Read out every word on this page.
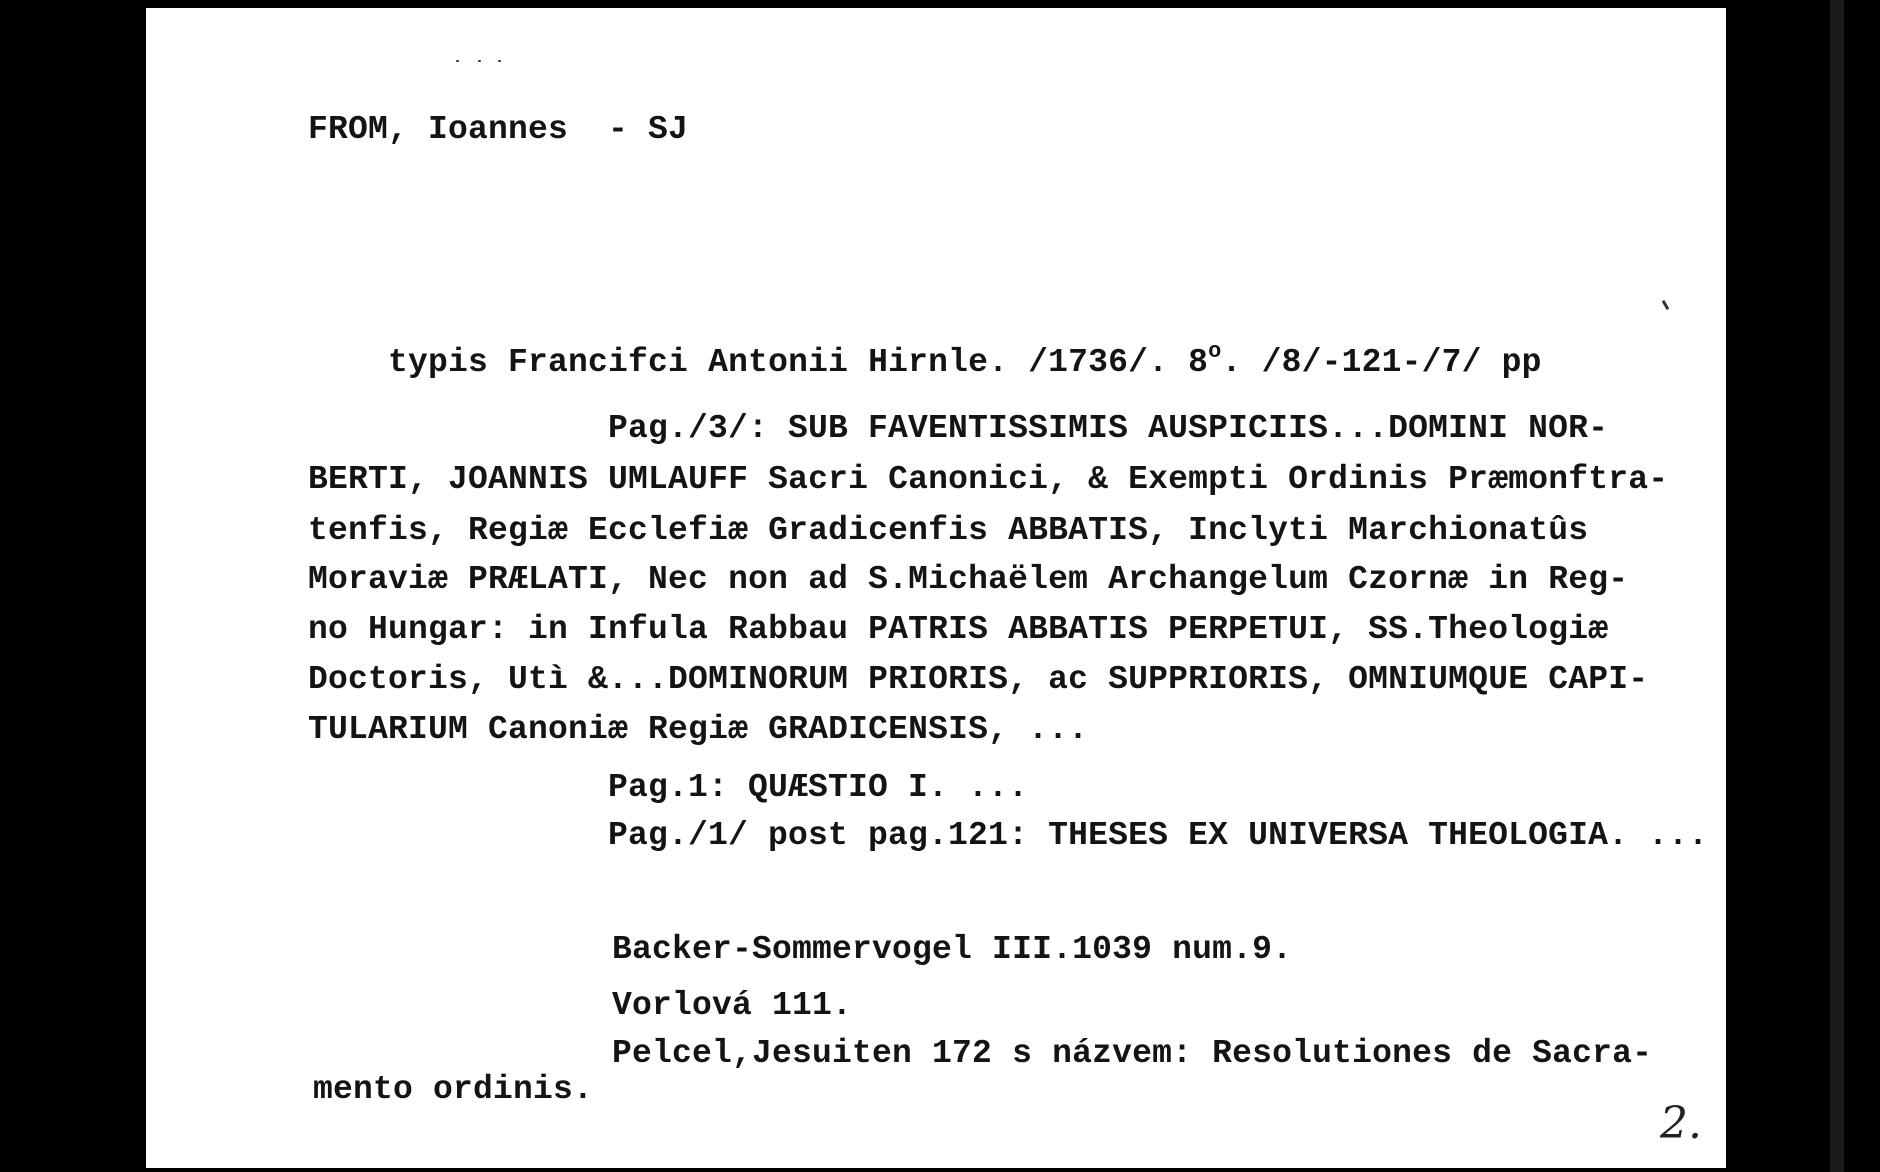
FROM, Ioannes  - SJ

typis Francifci Antonii Hirnle. /1736/. 8$^o$. /8/-121-/7/ pp

Pag./3/: SUB FAVENTISSIMIS AUSPICIIS...DOMINI NOR-
BERTI, JOANNIS UMLAUFF Sacri Canonici, & Exempti Ordinis Præmonftra-
tenfis, Regiæ Ecclefiæ Gradicenfis ABBATIS, Inclyti Marchionatûs
Moraviæ PRÆLATI, Nec non ad S.Michaëlem Archangelum Czornæ in Reg-
no Hungar: in Infula Rabbau PATRIS ABBATIS PERPETUI, SS.Theologiæ
Doctoris, Utì &...DOMINORUM PRIORIS, ac SUPPRIORIS, OMNIUMQUE CAPI-
TULARIUM Canoniæ Regiæ GRADICENSIS, ...
Pag.1: QUÆSTIO I. ...
Pag./1/ post pag.121: THESES EX UNIVERSA THEOLOGIA. ...
Backer-Sommervogel III.1039 num.9.
Vorlová 111.
Pelcel,Jesuiten 172 s názvem: Resolutiones de Sacra-
mento ordinis.
2.
